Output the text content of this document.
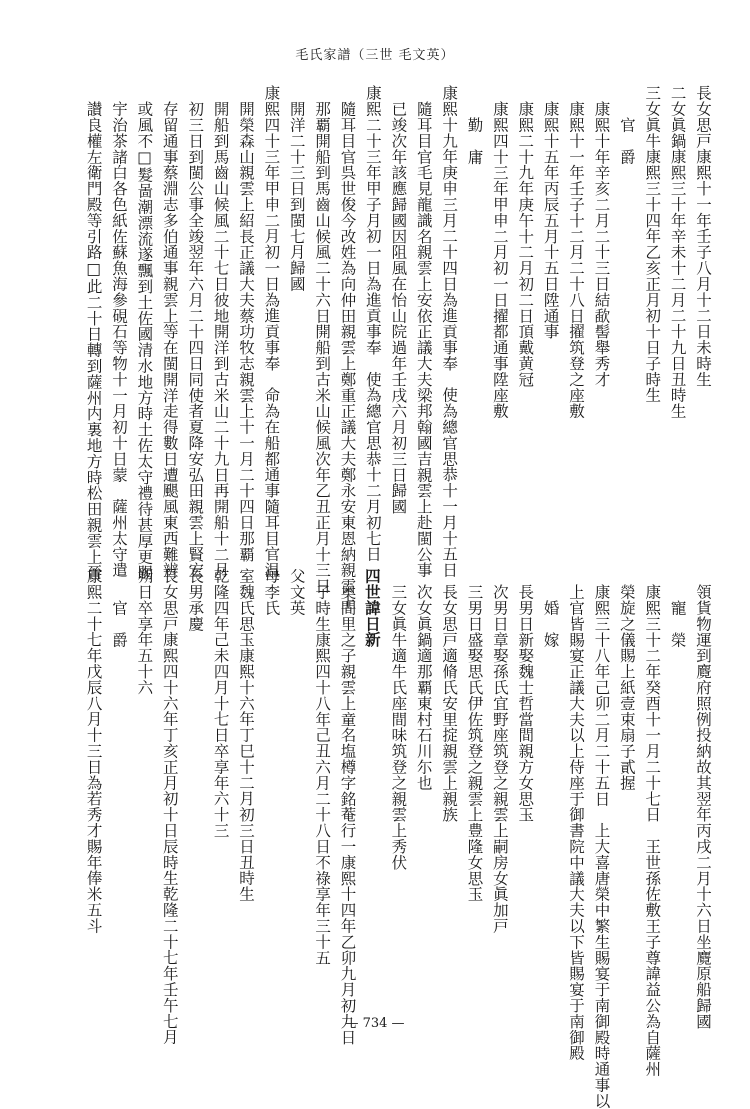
毛氏家譜（三世 毛文英）
長女思戸康熙十一年壬子八月十二日未時生
二女眞鍋康熙三十年辛未十二月二十九日丑時生
三女眞牛康熙三十四年乙亥正月初十日子時生
官　爵
康熙十年辛亥二月二十三日結歃髻舉秀才
康熙十一年壬子十二月二十八日擢筑登之座敷
康熙十五年丙辰五月十五日陞通事
康熙二十九年庚午十二月初二日頂戴黄冠
康熙四十三年甲申二月初一日擢都通事陞座敷
勤　庸
康熙十九年庚申三月二十四日為進貢事奉　使為總官思恭十一月十五日
隨耳目官毛見龍識名親雲上安依正議大夫梁邦翰國吉親雲上赴閩公事
已竣次年該應歸國因阻風在怡山院過年壬戌六月初三日歸國
康熙二十三年甲子月初一日為進貢事奉　使為總官思恭十二月初七日
隨耳目官呉世俊今改姓為向仲田親雲上鄭重正議大夫鄭永安東恩納親雲上
那覇開船到馬齒山候風二十六日開船到古米山候風次年乙丑正月十三日
開洋二十三日到閩七月歸國
康熙四十三年甲申二月初一日為進貢事奉　命為在船都通事隨耳目官温
開榮森山親雲上紹長正議大夫蔡功牧志親雲上十一月二十四日那覇
開船到馬齒山候風二十七日彼地開洋到古米山二十九日再開船十二月
初三日到閩公事全竣翌年六月二十四日同使者夏降安弘田親雲上賢宏
存留通事蔡淵志多伯通事親雲上等在閩開洋走得數日遭颶風東西難辨
或風不□髮啚潮漂流遂飄到土佐國清水地方時土佐太守禮待甚厚更賜
宇治茶諸白各色紙佐蘇魚海參硯石等物十一月初十日蒙　薩州太守遣
讃良權左衛門殿等引路□此二十日轉到薩州内裏地方時松田親雲上晉
領貨物運到麑府照例投納故其翌年丙戌二月十六日坐麑原船歸國
寵　榮
康熙三十二年癸酉十一月二十七日　王世孫佐敷王子尊諱益公為自薩州
榮旋之儀賜上紙壹束扇子貳握
康熙三十八年己卯二月二十五日　上大喜唐榮中繁生賜宴于南御殿時通事以
上官皆賜宴正議大夫以上侍座于御書院中議大夫以下皆賜宴于南御殿
婚　嫁
長男日新娶魏士哲當間親方女思玉
次男日章娶孫氏宜野座筑登之親雲上嗣房女眞加戸
三男日盛娶思氏伊佐筑登之親雲上豊隆女思玉
長女思戸適脩氏安里掟親雲上親族
次女眞鍋適那覇東村石川尓也
三女眞牛適牛氏座間味筑登之親雲上秀伏
四世諱日新
奥間里之子親雲上童名塩樽字銘菴行一康熙十四年乙卯九月初九日
子時生康熙四十八年己丑六月二十八日不祿享年三十五
父文英
母李氏
室魏氏思玉康熙十六年丁巳十二月初三日丑時生
乾隆四年己未四月十七日卒享年六十三
長男承慶
長女思戸康熙四十六年丁亥正月初十日辰時生乾隆二十七年壬午七月
朔日卒享年五十六
官　爵
康熙二十七年戊辰八月十三日為若秀才賜年俸米五斗
— 734 —
